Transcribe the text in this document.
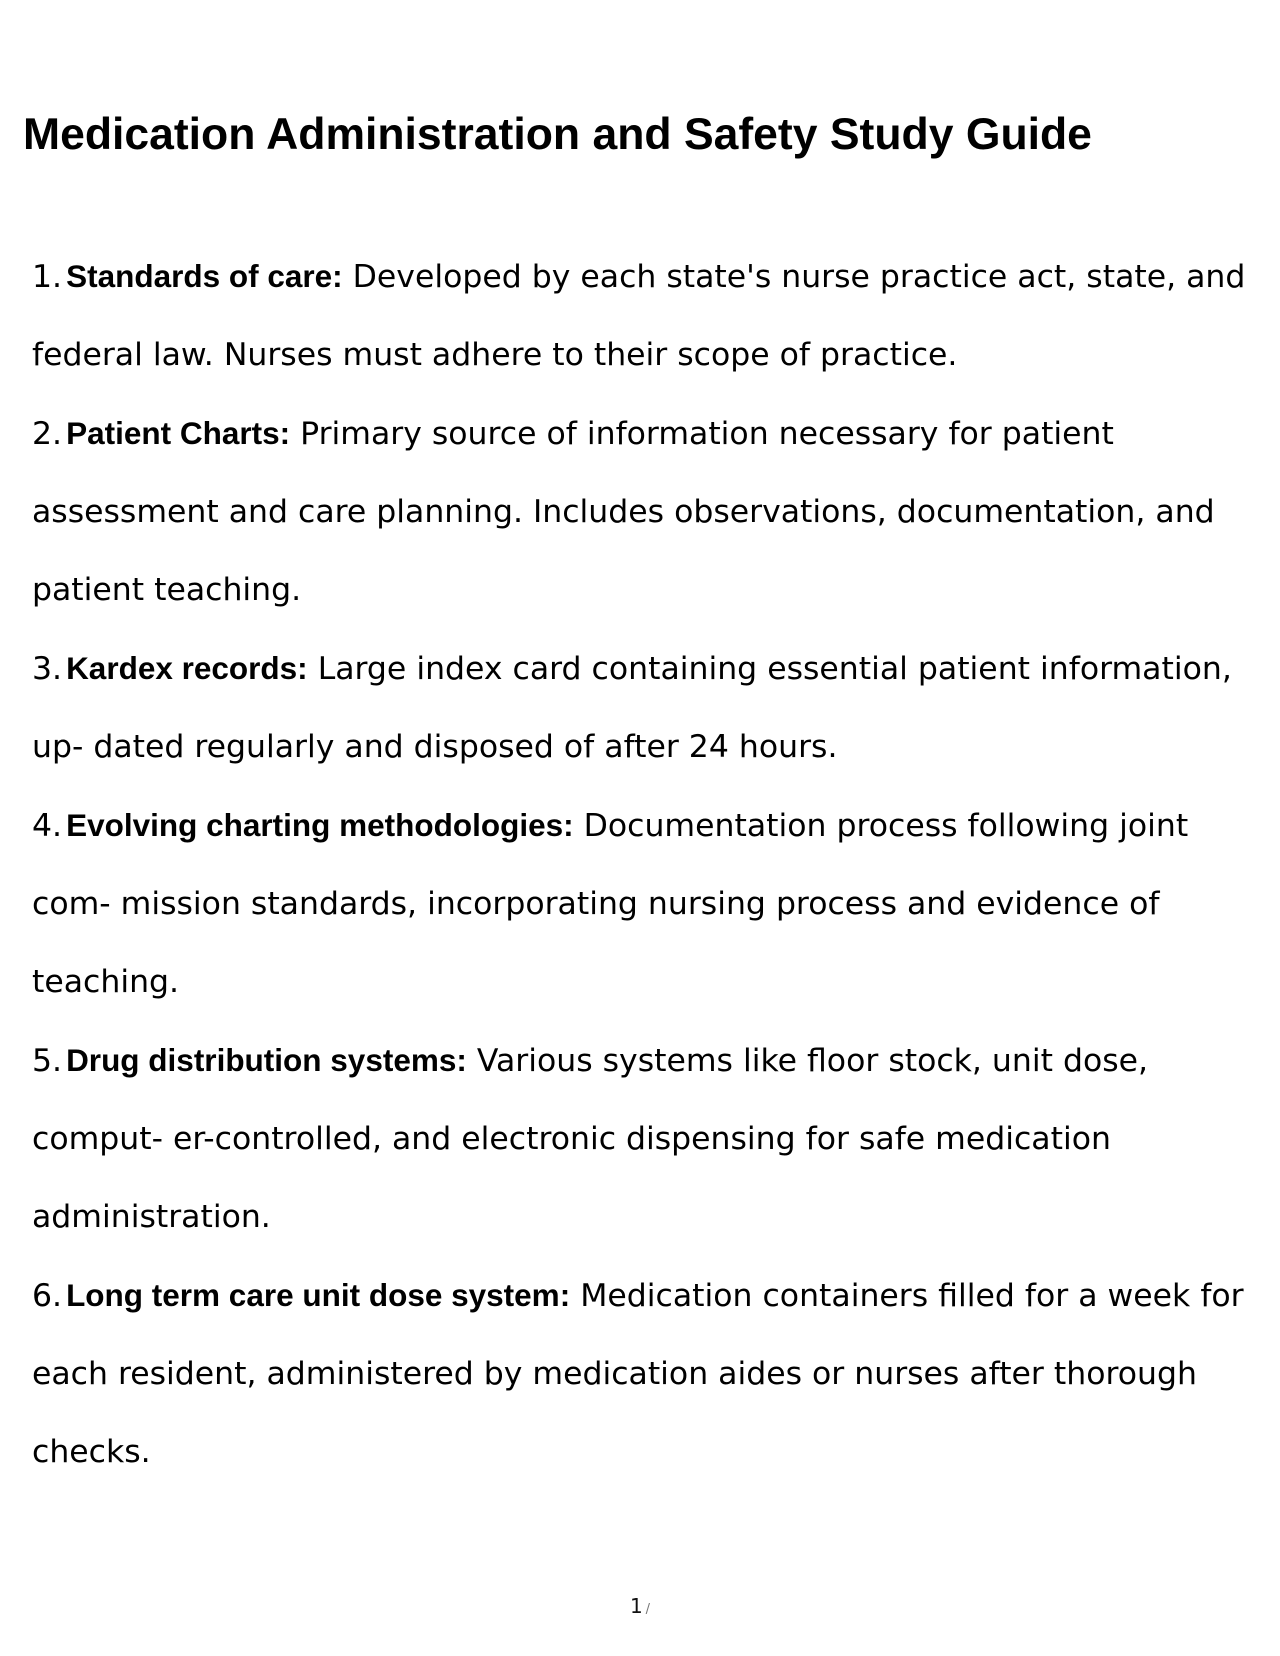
Medication Administration and Safety Study Guide
1. Standards of care: Developed by each state's nurse practice act, state, and federal law. Nurses must adhere to their scope of practice.
2. Patient Charts: Primary source of information necessary for patient assessment and care planning. Includes observations, documentation, and patient teaching.
3. Kardex records: Large index card containing essential patient information, up- dated regularly and disposed of after 24 hours.
4. Evolving charting methodologies: Documentation process following joint com- mission standards, incorporating nursing process and evidence of teaching.
5. Drug distribution systems: Various systems like floor stock, unit dose, comput- er-controlled, and electronic dispensing for safe medication administration.
6. Long term care unit dose system: Medication containers filled for a week for each resident, administered by medication aides or nurses after thorough checks.
1 /
